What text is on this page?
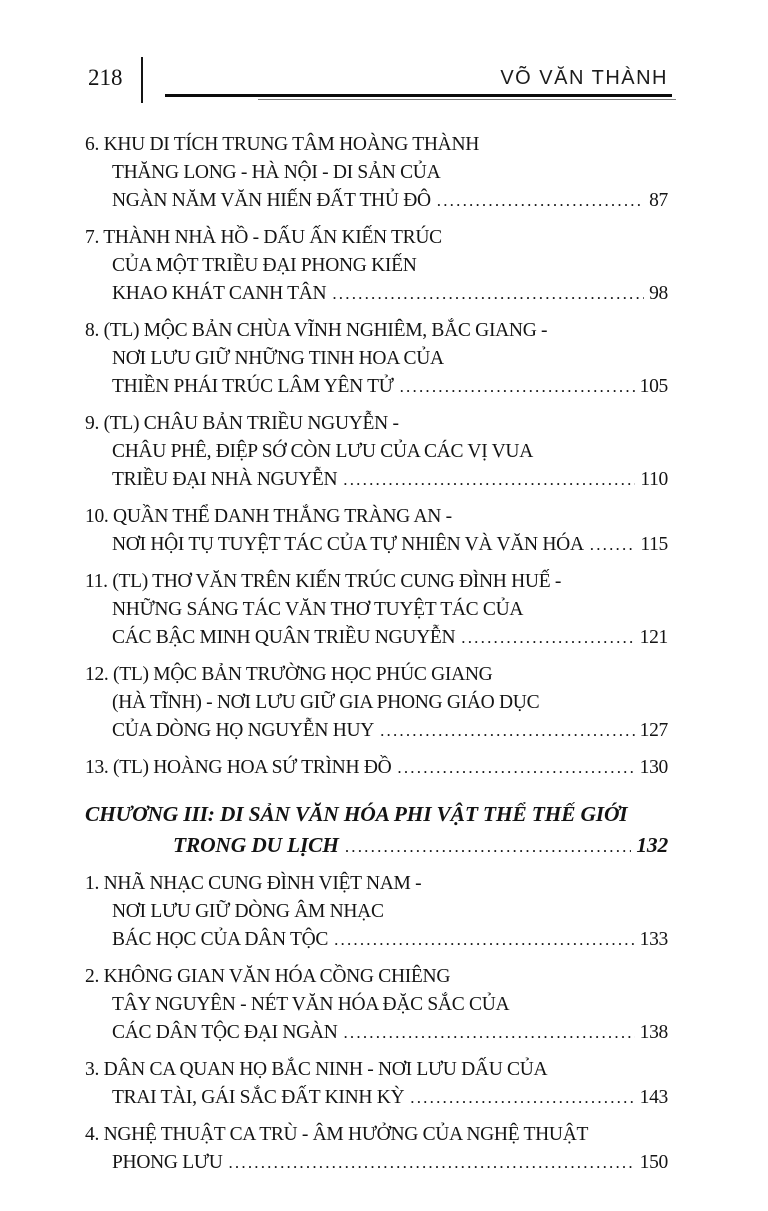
218	VÕ VĂN THÀNH
6. KHU DI TÍCH TRUNG TÂM HOÀNG THÀNH
THĂNG LONG - HÀ NỘI - DI SẢN CỦA
NGÀN NĂM VĂN HIẾN ĐẤT THỦ ĐÔ .....	87
7. THÀNH NHÀ HỒ - DẤU ẤN KIẾN TRÚC
CỦA MỘT TRIỀU ĐẠI PHONG KIẾN
KHAO KHÁT CANH TÂN .....	98
8. (TL) MỘC BẢN CHÙA VĨNH NGHIÊM, BẮC GIANG -
NƠI LƯU GIỮ NHỮNG TINH HOA CỦA
THIỀN PHÁI TRÚC LÂM YÊN TỬ .....	105
9. (TL) CHÂU BẢN TRIỀU NGUYỄN -
CHÂU PHÊ, ĐIỆP SỚ CÒN LƯU CỦA CÁC VỊ VUA
TRIỀU ĐẠI NHÀ NGUYỄN .....	110
10. QUẦN THỂ DANH THẮNG TRÀNG AN -
NƠI HỘI TỤ TUYỆT TÁC CỦA TỰ NHIÊN VÀ VĂN HÓA .....	115
11. (TL) THƠ VĂN TRÊN KIẾN TRÚC CUNG ĐÌNH HUẾ -
NHỮNG SÁNG TÁC VĂN THƠ TUYỆT TÁC CỦA
CÁC BẬC MINH QUÂN TRIỀU NGUYỄN .....	121
12. (TL) MỘC BẢN TRƯỜNG HỌC PHÚC GIANG
(HÀ TĨNH) - NƠI LƯU GIỮ GIA PHONG GIÁO DỤC
CỦA DÒNG HỌ NGUYỄN HUY .....	127
13. (TL) HOÀNG HOA SỨ TRÌNH ĐỒ .....	130
CHƯƠNG III: DI SẢN VĂN HÓA PHI VẬT THỂ THẾ GIỚI
TRONG DU LỊCH .....	132
1. NHÃ NHẠC CUNG ĐÌNH VIỆT NAM -
NƠI LƯU GIỮ DÒNG ÂM NHẠC
BÁC HỌC CỦA DÂN TỘC .....	133
2. KHÔNG GIAN VĂN HÓA CỒNG CHIÊNG
TÂY NGUYÊN - NÉT VĂN HÓA ĐẶC SẮC CỦA
CÁC DÂN TỘC ĐẠI NGÀN .....	138
3. DÂN CA QUAN HỌ BẮC NINH - NƠI LƯU DẤU CỦA
TRAI TÀI, GÁI SẮC ĐẤT KINH KỲ .....	143
4. NGHỆ THUẬT CA TRÙ - ÂM HƯỞNG CỦA NGHỆ THUẬT
PHONG LƯU .....	150
